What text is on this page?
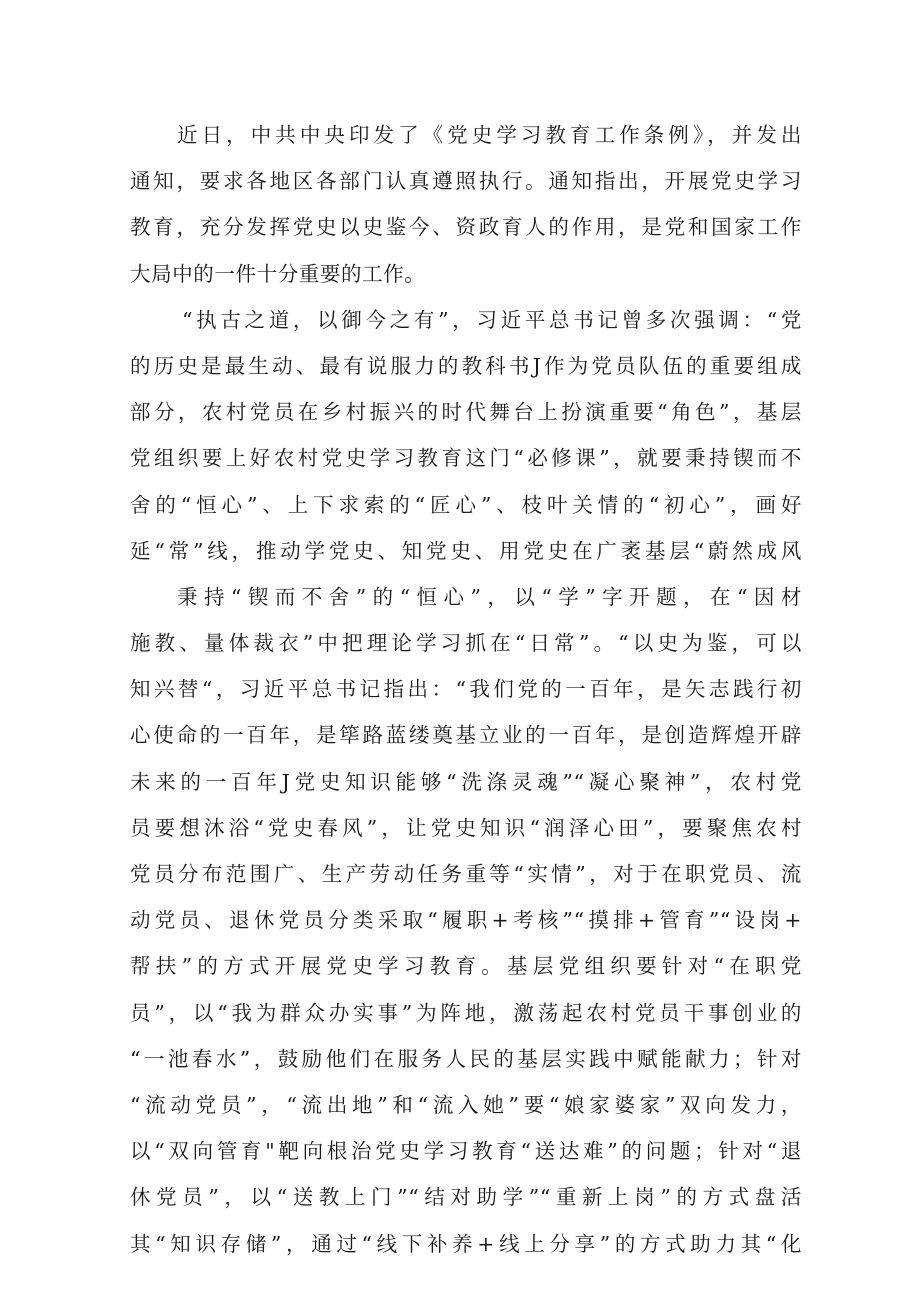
近日，中共中央印发了《党史学习教育工作条例》，并发出
通知，要求各地区各部门认真遵照执行。通知指出，开展党史学习
教育，充分发挥党史以史鉴今、资政育人的作用，是党和国家工作
大局中的一件十分重要的工作。
“执古之道，以御今之有”，习近平总书记曾多次强调：“党
的历史是最生动、最有说服力的教科书J作为党员队伍的重要组成
部分，农村党员在乡村振兴的时代舞台上扮演重要“角色”，基层
党组织要上好农村党史学习教育这门“必修课”，就要秉持锲而不
舍的“恒心”、上下求索的“匠心”、枝叶关情的“初心”，画好
延“常”线，推动学党史、知党史、用党史在广袤基层“蔚然成风
秉持“锲而不舍”的“恒心”，以“学”字开题，在“因材
施教、量体裁衣”中把理论学习抓在“日常”。“以史为鉴，可以
知兴替“，习近平总书记指出：“我们党的一百年，是矢志践行初
心使命的一百年，是筚路蓝缕奠基立业的一百年，是创造辉煌开辟
未来的一百年J党史知识能够“洗涤灵魂”“凝心聚神”，农村党
员要想沐浴“党史春风”，让党史知识“润泽心田”，要聚焦农村
党员分布范围广、生产劳动任务重等“实情”，对于在职党员、流
动党员、退休党员分类采取“履职+考核”“摸排+管育”“设岗+
帮扶”的方式开展党史学习教育。基层党组织要针对“在职党
员”，以“我为群众办实事”为阵地，激荡起农村党员干事创业的
“一池春水”，鼓励他们在服务人民的基层实践中赋能献力；针对
“流动党员”，“流出地”和“流入她”要“娘家婆家”双向发力，
以“双向管育"靶向根治党史学习教育“送达难”的问题；针对“退
休党员”，以“送教上门”“结对助学”“重新上岗”的方式盘活
其“知识存储”，通过“线下补养+线上分享”的方式助力其“化
